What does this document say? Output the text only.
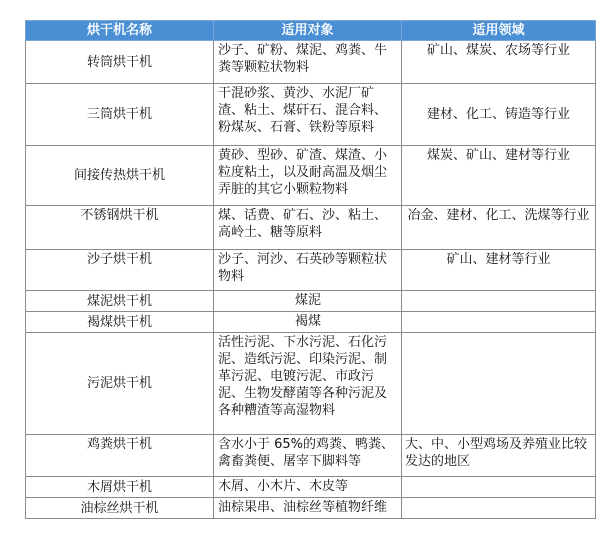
烘干机名称	适用对象	适用领域
转筒烘干机	沙子、矿粉、煤泥、鸡粪、牛粪等颗粒状物料	矿山、煤炭、农场等行业
三筒烘干机	干混砂浆、黄沙、水泥厂矿渣、粘土、煤矸石、混合料、粉煤灰、石膏、铁粉等原料	建材、化工、铸造等行业
间接传热烘干机	黄砂、型砂、矿渣、煤渣、小粒度粘土，以及耐高温及烟尘弄脏的其它小颗粒物料	煤炭、矿山、建材等行业
不锈钢烘干机	煤、话费、矿石、沙、粘土、高岭土、糖等原料	冶金、建材、化工、洗煤等行业
沙子烘干机	沙子、河沙、石英砂等颗粒状物料	矿山、建材等行业
煤泥烘干机	煤泥	
褐煤烘干机	褐煤	
污泥烘干机	活性污泥、下水污泥、石化污泥、造纸污泥、印染污泥、制革污泥、电镀污泥、市政污泥、生物发酵菌等各种污泥及各种糟渣等高湿物料	
鸡粪烘干机	含水小于 65%的鸡粪、鸭粪、禽畜粪便、屠宰下脚料等	大、中、小型鸡场及养殖业比较发达的地区
木屑烘干机	木屑、小木片、木皮等	
油棕丝烘干机	油棕果串、油棕丝等植物纤维	
